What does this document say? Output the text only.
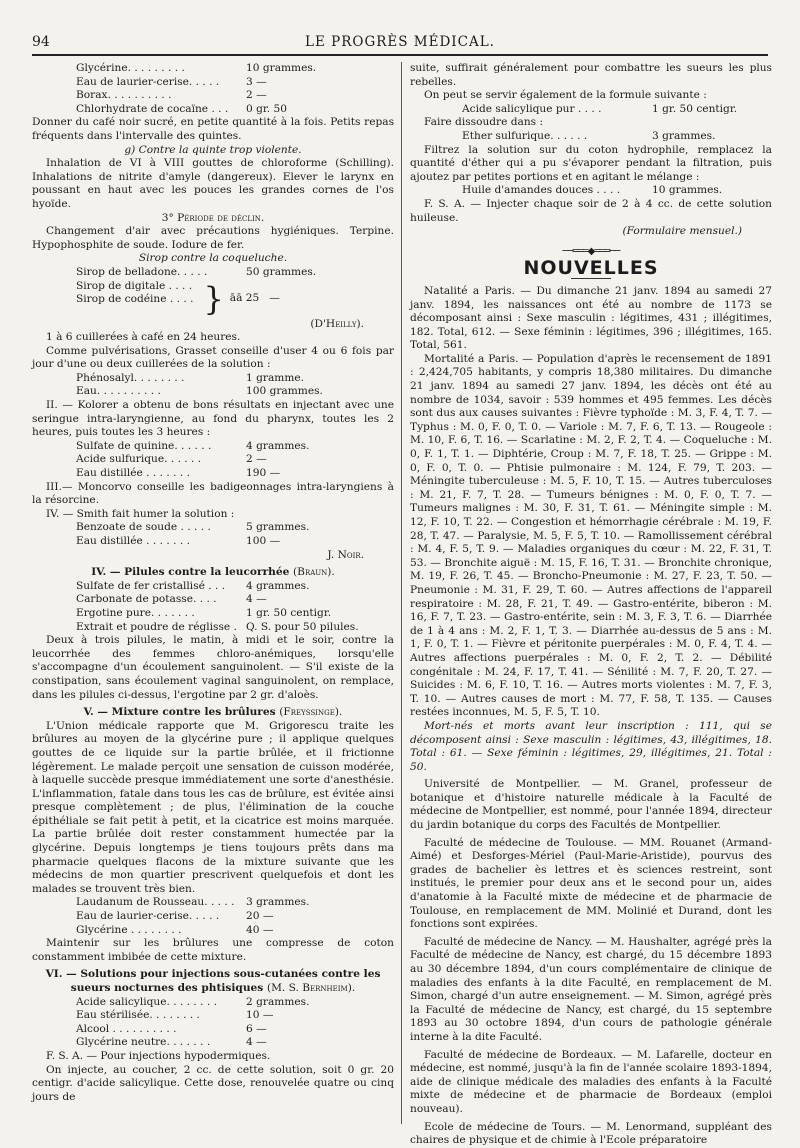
94	LE PROGRÈS MÉDICAL.
Glycérine. . . . . . . . .	10 grammes.
Eau de laurier-cerise. . . . .	3 —
Borax. . . . . . . . . .	2 —
Chlorhydrate de cocaïne . . .	0 gr. 50

Donner du café noir sucré, en petite quantité à la fois. Petits repas fréquents dans l'intervalle des quintes.

g) Contre la quinte trop violente.

Inhalation de VI à VIII gouttes de chloroforme (Schilling). Inhalations de nitrite d'amyle (dangereux). Elever le larynx en poussant en haut avec les pouces les grandes cornes de l'os hyoïde.

3° Période de déclin.

Changement d'air avec précautions hygiéniques. Terpine. Hypophosphite de soude. Iodure de fer.

Sirop contre la coqueluche.

Sirop de belladone. . . . .	50 grammes.
Sirop de digitale . . . .
Sirop de codéine . . . . } āā 25 —

(D'Heilly).

1 à 6 cuillerées à café en 24 heures.

Comme pulvérisations, Grasset conseille d'user 4 ou 6 fois par jour d'une ou deux cuillerées de la solution :

Phénosalyl. . . . . . . .	1 gramme.
Eau. . . . . . . . . .	100 grammes.

II. — Kolorer a obtenu de bons résultats en injectant avec une seringue intra-laryngienne, au fond du pharynx, toutes les 2 heures, puis toutes les 3 heures :

Sulfate de quinine. . . . . .	4 grammes.
Acide sulfurique. . . . . .	2 —
Eau distillée . . . . . . .	190 —

III.— Moncorvo conseille les badigeonnages intra-laryngiens à la résorcine.

IV. — Smith fait humer la solution :

Benzoate de soude . . . . .	5 grammes.
Eau distillée . . . . . . .	100 —

J. Noir.

IV. — Pilules contre la leucorrhée (Braun).

Sulfate de fer cristallisé . . .	4 grammes.
Carbonate de potasse. . . .	4 —
Ergotine pure. . . . . . .	1 gr. 50 centigr.
Extrait et poudre de réglisse . Q. S. pour 50 pilules.

Deux à trois pilules, le matin, à midi et le soir, contre la leucorrhée des femmes chloro-anémiques, lorsqu'elle s'accompagne d'un écoulement sanguinolent. — S'il existe de la constipation, sans écoulement vaginal sanguinolent, on remplace, dans les pilules ci-dessus, l'ergotine par 2 gr. d'aloès.

V. — Mixture contre les brûlures (Freyssinge).

L'Union médicale rapporte que M. Grigorescu traite les brûlures au moyen de la glycérine pure ; il applique quelques gouttes de ce liquide sur la partie brûlée, et il frictionne légèrement. Le malade perçoit une sensation de cuisson modérée, à laquelle succède presque immédiatement une sorte d'anesthésie. L'inflammation, fatale dans tous les cas de brûlure, est évitée ainsi presque complètement ; de plus, l'élimination de la couche épithéliale se fait petit à petit, et la cicatrice est moins marquée. La partie brûlée doit rester constamment humectée par la glycérine. Depuis longtemps je tiens toujours prêts dans ma pharmacie quelques flacons de la mixture suivante que les médecins de mon quartier prescrivent quelquefois et dont les malades se trouvent très bien.

Laudanum de Rousseau. . . . .	3 grammes.
Eau de laurier-cerise. . . . .	20 —
Glycérine . . . . . . . .	40 —

Maintenir sur les brûlures une compresse de coton constamment imbibée de cette mixture.

VI. — Solutions pour injections sous-cutanées contre les sueurs nocturnes des phtisiques (M. S. Bernheim).

Acide salicylique. . . . . . . .	2 grammes.
Eau stérilisée. . . . . . . .	10 —
Alcool . . . . . . . . . .	6 —
Glycérine neutre. . . . . . .	4 —

F. S. A. — Pour injections hypodermiques.

On injecte, au coucher, 2 cc. de cette solution, soit 0 gr. 20 centigr. d'acide salicylique. Cette dose, renouvelée quatre ou cinq jours de

suite, suffirait généralement pour combattre les sueurs les plus rebelles.

On peut se servir également de la formule suivante :

Acide salicylique pur . . . .	1 gr. 50 centigr.

Faire dissoudre dans :

Ether sulfurique. . . . . .	3 grammes.

Filtrez la solution sur du coton hydrophile, remplacez la quantité d'éther qui a pu s'évaporer pendant la filtration, puis ajoutez par petites portions et en agitant le mélange :

Huile d'amandes douces . . . .	10 grammes.

F. S. A. — Injecter chaque soir de 2 à 4 cc. de cette solution huileuse.

(Formulaire mensuel.)

──═══◆═══──
NOUVELLES

Natalité a Paris. — Du dimanche 21 janv. 1894 au samedi 27 janv. 1894, les naissances ont été au nombre de 1173 se décomposant ainsi : Sexe masculin : légitimes, 431 ; illégitimes, 182. Total, 612. — Sexe féminin : légitimes, 396 ; illégitimes, 165. Total, 561.

Mortalité a Paris. — Population d'après le recensement de 1891 : 2,424,705 habitants, y compris 18,380 militaires. Du dimanche 21 janv. 1894 au samedi 27 janv. 1894, les décès ont été au nombre de 1034, savoir : 539 hommes et 495 femmes. Les décès sont dus aux causes suivantes : Fièvre typhoïde : M. 3, F. 4, T. 7. — Typhus : M. 0, F. 0, T. 0. — Variole : M. 7, F. 6, T. 13. — Rougeole : M. 10, F. 6, T. 16. — Scarlatine : M. 2, F. 2, T. 4. — Coqueluche : M. 0, F. 1, T. 1. — Diphtérie, Croup : M. 7, F. 18, T. 25. — Grippe : M. 0, F. 0, T. 0. — Phtisie pulmonaire : M. 124, F. 79, T. 203. — Méningite tuberculeuse : M. 5, F. 10, T. 15. — Autres tuberculoses : M. 21, F. 7, T. 28. — Tumeurs bénignes : M. 0, F. 0, T. 7. — Tumeurs malignes : M. 30, F. 31, T. 61. — Méningite simple : M. 12, F. 10, T. 22. — Congestion et hémorrhagie cérébrale : M. 19, F. 28, T. 47. — Paralysie, M. 5, F. 5, T. 10. — Ramollissement cérébral : M. 4, F. 5, T. 9. — Maladies organiques du cœur : M. 22, F. 31, T. 53. — Bronchite aiguë : M. 15, F. 16, T. 31. — Bronchite chronique, M. 19, F. 26, T. 45. — Broncho-Pneumonie : M. 27, F. 23, T. 50. — Pneumonie : M. 31, F. 29, T. 60. — Autres affections de l'appareil respiratoire : M. 28, F. 21, T. 49. — Gastro-entérite, biberon : M. 16, F. 7, T. 23. — Gastro-entérite, sein : M. 3, F. 3, T. 6. — Diarrhée de 1 à 4 ans : M. 2, F. 1, T. 3. — Diarrhée au-dessus de 5 ans : M. 1, F. 0, T. 1. — Fièvre et péritonite puerpérales : M. 0, F. 4, T. 4. — Autres affections puerpérales : M. 0, F. 2, T. 2. — Débilité congénitale : M. 24, F. 17, T. 41. — Sénilité : M. 7, F. 20, T. 27. — Suicides : M. 6, F. 10, T. 16. — Autres morts violentes : M. 7, F. 3, T. 10. — Autres causes de mort : M. 77, F. 58, T. 135. — Causes restées inconnues, M. 5, F. 5, T. 10.

Mort-nés et morts avant leur inscription : 111, qui se décomposent ainsi : Sexe masculin : légitimes, 43, illégitimes, 18. Total : 61. — Sexe féminin : légitimes, 29, illégitimes, 21. Total : 50.

Université de Montpellier. — M. Granel, professeur de botanique et d'histoire naturelle médicale à la Faculté de médecine de Montpellier, est nommé, pour l'année 1894, directeur du jardin botanique du corps des Facultés de Montpellier.

Faculté de médecine de Toulouse. — MM. Rouanet (Armand-Aimé) et Desforges-Mériel (Paul-Marie-Aristide), pourvus des grades de bachelier ès lettres et ès sciences restreint, sont institués, le premier pour deux ans et le second pour un, aides d'anatomie à la Faculté mixte de médecine et de pharmacie de Toulouse, en remplacement de MM. Molinié et Durand, dont les fonctions sont expirées.

Faculté de médecine de Nancy. — M. Haushalter, agrégé près la Faculté de médecine de Nancy, est chargé, du 15 décembre 1893 au 30 décembre 1894, d'un cours complémentaire de clinique de maladies des enfants à la dite Faculté, en remplacement de M. Simon, chargé d'un autre enseignement. — M. Simon, agrégé près la Faculté de médecine de Nancy, est chargé, du 15 septembre 1893 au 30 octobre 1894, d'un cours de pathologie générale interne à la dite Faculté.

Faculté de médecine de Bordeaux. — M. Lafarelle, docteur en médecine, est nommé, jusqu'à la fin de l'année scolaire 1893-1894, aide de clinique médicale des maladies des enfants à la Faculté mixte de médecine et de pharmacie de Bordeaux (emploi nouveau).

Ecole de médecine de Tours. — M. Lenormand, suppléant des chaires de physique et de chimie à l'Ecole préparatoire
